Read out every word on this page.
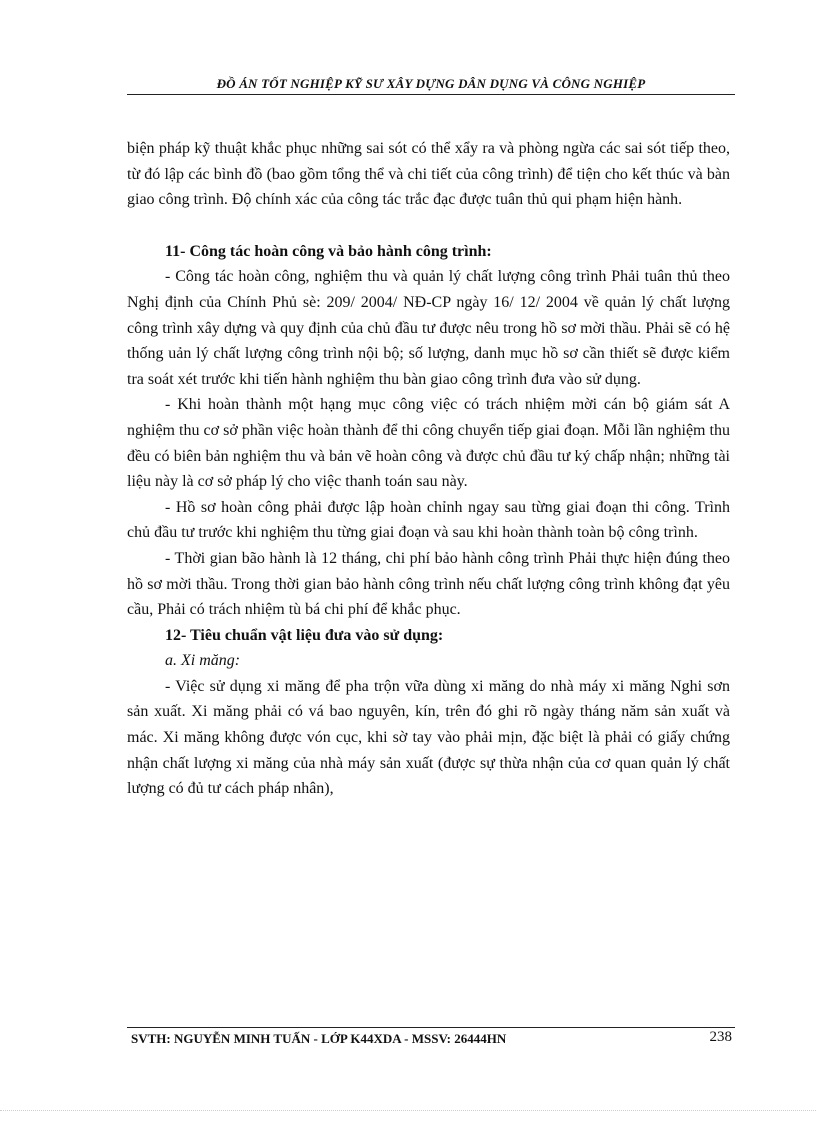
ĐỒ ÁN TỐT NGHIỆP KỸ SƯ XÂY DỰNG DÂN DỤNG VÀ CÔNG NGHIỆP

biện pháp kỹ thuật khắc phục những sai sót có thể xẩy ra và phòng ngừa các sai sót tiếp theo, từ đó lập các bình đồ (bao gồm tổng thể và chi tiết của công trình) để tiện cho kết thúc và bàn giao công trình. Độ chính xác của công tác trắc đạc được tuân thủ qui phạm hiện hành.

11- Công tác hoàn công và bảo hành công trình:

- Công tác hoàn công, nghiệm thu và quản lý chất lượng công trình Phải tuân thủ theo Nghị định của Chính Phủ sè: 209/ 2004/ NĐ-CP ngày 16/ 12/ 2004 về quản lý chất lượng công trình xây dựng và quy định của chủ đầu tư được nêu trong hồ sơ mời thầu. Phải sẽ có hệ thống uản lý chất lượng công trình nội bộ; số lượng, danh mục hồ sơ cần thiết sẽ được kiểm tra soát xét trước khi tiến hành nghiệm thu bàn giao công trình đưa vào sử dụng.

- Khi hoàn thành một hạng mục công việc có trách nhiệm mời cán bộ giám sát A nghiệm thu cơ sở phần việc hoàn thành để thi công chuyển tiếp giai đoạn. Mỗi lần nghiệm thu đều có biên bản nghiệm thu và bản vẽ hoàn công và được chủ đầu tư ký chấp nhận; những tài liệu này là cơ sở pháp lý cho việc thanh toán sau này.

- Hồ sơ hoàn công phải được lập hoàn chỉnh ngay sau từng giai đoạn thi công. Trình chủ đầu tư trước khi nghiệm thu từng giai đoạn và sau khi hoàn thành toàn bộ công trình.

- Thời gian bão hành là 12 tháng, chi phí bảo hành công trình Phải thực hiện đúng theo hồ sơ mời thầu. Trong thời gian bảo hành công trình nếu chất lượng công trình không đạt yêu cầu, Phải có trách nhiệm tù bá chi phí để khắc phục.

12- Tiêu chuẩn vật liệu đưa vào sử dụng:

a. Xi măng:

- Việc sử dụng xi măng để pha trộn vữa dùng xi măng do nhà máy xi măng Nghi sơn sản xuất. Xi măng phải có vá bao nguyên, kín, trên đó ghi rõ ngày tháng năm sản xuất và mác. Xi măng không được vón cục, khi sờ tay vào phải mịn, đặc biệt là phải có giấy chứng nhận chất lượng xi măng của nhà máy sản xuất (được sự thừa nhận của cơ quan quản lý chất lượng có đủ tư cách pháp nhân),

SVTH: NGUYỄN MINH TUẤN - LỚP K44XDA - MSSV: 26444HN	238
